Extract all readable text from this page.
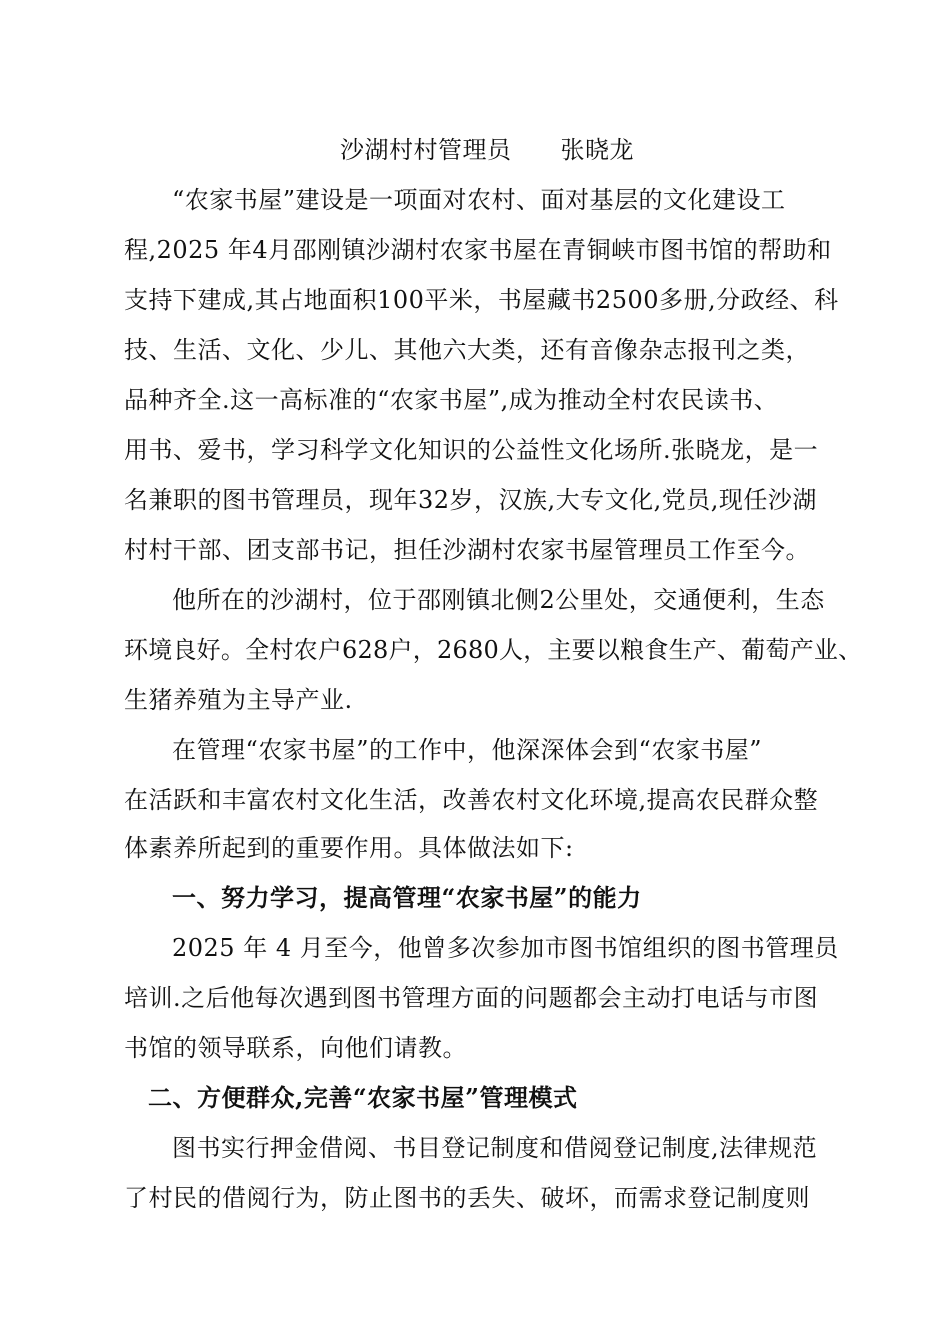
沙湖村村管理员　　张晓龙
“农家书屋”建设是一项面对农村、面对基层的文化建设工
程,2025 年4月邵刚镇沙湖村农家书屋在青铜峡市图书馆的帮助和
支持下建成,其占地面积100平米，书屋藏书2500多册,分政经、科
技、生活、文化、少儿、其他六大类，还有音像杂志报刊之类，
品种齐全.这一高标准的“农家书屋”,成为推动全村农民读书、
用书、爱书，学习科学文化知识的公益性文化场所.张晓龙，是一
名兼职的图书管理员，现年32岁，汉族,大专文化,党员,现任沙湖
村村干部、团支部书记，担任沙湖村农家书屋管理员工作至今。
他所在的沙湖村，位于邵刚镇北侧2公里处，交通便利，生态
环境良好。全村农户628户，2680人，主要以粮食生产、葡萄产业、
生猪养殖为主导产业.
在管理“农家书屋”的工作中，他深深体会到“农家书屋”
在活跃和丰富农村文化生活，改善农村文化环境,提高农民群众整
体素养所起到的重要作用。具体做法如下:
一、努力学习，提高管理“农家书屋”的能力
2025 年 4 月至今，他曾多次参加市图书馆组织的图书管理员
培训.之后他每次遇到图书管理方面的问题都会主动打电话与市图
书馆的领导联系，向他们请教。
二、方便群众,完善“农家书屋”管理模式
图书实行押金借阅、书目登记制度和借阅登记制度,法律规范
了村民的借阅行为，防止图书的丢失、破坏，而需求登记制度则
